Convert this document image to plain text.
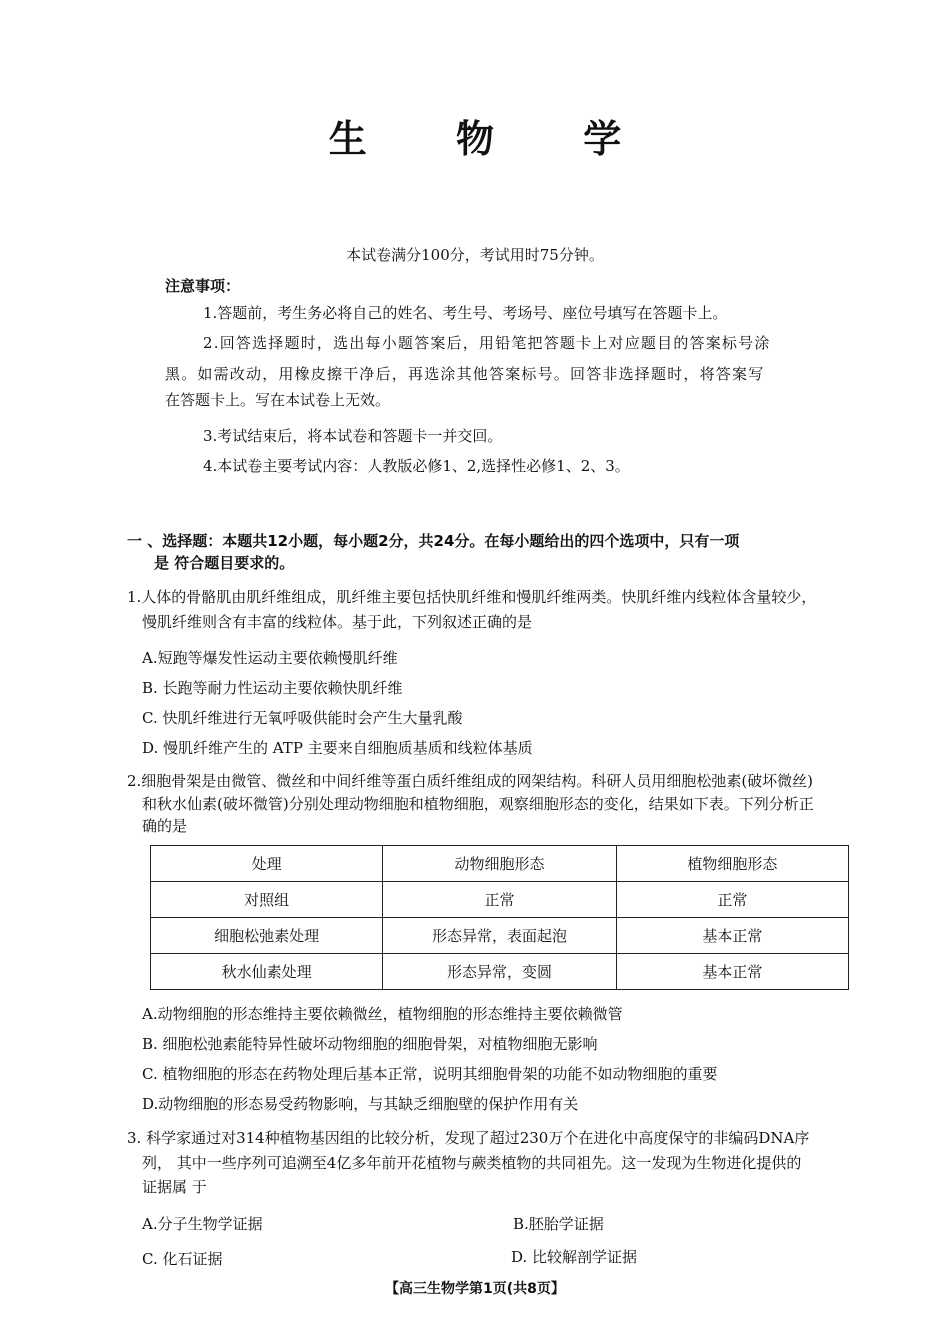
生 物 学
本试卷满分100分，考试用时75分钟。
注意事项：
1.答题前，考生务必将自己的姓名、考生号、考场号、座位号填写在答题卡上。
2.回答选择题时，选出每小题答案后，用铅笔把答题卡上对应题目的答案标号涂
黑。如需改动，用橡皮擦干净后，再选涂其他答案标号。回答非选择题时，将答案写
在答题卡上。写在本试卷上无效。
3.考试结束后，将本试卷和答题卡一并交回。
4.本试卷主要考试内容：人教版必修1、2,选择性必修1、2、3。
一 、选择题：本题共12小题，每小题2分，共24分。在每小题给出的四个选项中，只有一项
是 符合题目要求的。
1.人体的骨骼肌由肌纤维组成，肌纤维主要包括快肌纤维和慢肌纤维两类。快肌纤维内线粒体含量较少，
慢肌纤维则含有丰富的线粒体。基于此，下列叙述正确的是
A.短跑等爆发性运动主要依赖慢肌纤维
B. 长跑等耐力性运动主要依赖快肌纤维
C. 快肌纤维进行无氧呼吸供能时会产生大量乳酸
D. 慢肌纤维产生的 ATP 主要来自细胞质基质和线粒体基质
2.细胞骨架是由微管、微丝和中间纤维等蛋白质纤维组成的网架结构。科研人员用细胞松弛素(破坏微丝)
和秋水仙素(破坏微管)分别处理动物细胞和植物细胞，观察细胞形态的变化，结果如下表。下列分析正
确的是
处理	动物细胞形态	植物细胞形态
对照组	正常	正常
细胞松弛素处理	形态异常，表面起泡	基本正常
秋水仙素处理	形态异常，变圆	基本正常
A.动物细胞的形态维持主要依赖微丝，植物细胞的形态维持主要依赖微管
B. 细胞松弛素能特异性破坏动物细胞的细胞骨架，对植物细胞无影响
C. 植物细胞的形态在药物处理后基本正常，说明其细胞骨架的功能不如动物细胞的重要
D.动物细胞的形态易受药物影响，与其缺乏细胞壁的保护作用有关
3. 科学家通过对314种植物基因组的比较分析，发现了超过230万个在进化中高度保守的非编码DNA序
列， 其中一些序列可追溯至4亿多年前开花植物与蕨类植物的共同祖先。这一发现为生物进化提供的
证据属 于
A.分子生物学证据	B.胚胎学证据
C. 化石证据	D. 比较解剖学证据
【高三生物学第1页(共8页】
